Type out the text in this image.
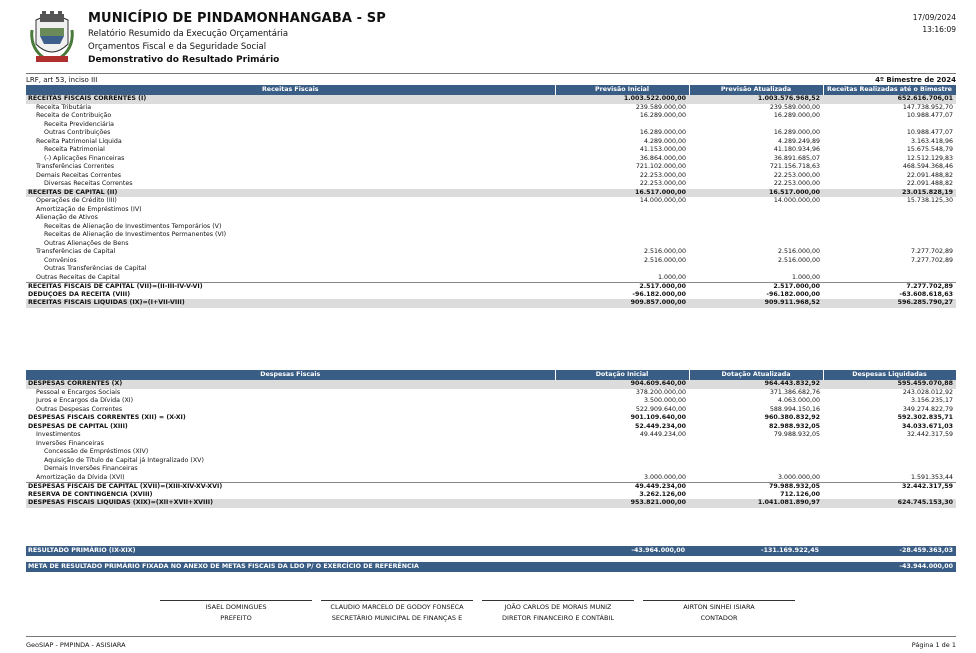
MUNICÍPIO DE PINDAMONHANGABA - SP
Relatório Resumido da Execução Orçamentária
Orçamentos Fiscal e da Seguridade Social
Demonstrativo do Resultado Primário
17/09/2024
13:16:09
LRF, art 53, inciso III	4º Bimestre de 2024
Receitas Fiscais	Previsão Inicial	Previsão Atualizada	Receitas Realizadas até o Bimestre
RECEITAS FISCAIS CORRENTES (I)	1.003.522.000,00	1.003.576.968,52	652.616.706,01
Receita Tributária	239.589.000,00	239.589.000,00	147.738.952,70
Receita de Contribuição	16.289.000,00	16.289.000,00	10.988.477,07
Receita Previdenciária			
Outras Contribuições	16.289.000,00	16.289.000,00	10.988.477,07
Receita Patrimonial Líquida	4.289.000,00	4.289.249,89	3.163.418,96
Receita Patrimonial	41.153.000,00	41.180.934,96	15.675.548,79
(-) Aplicações Financeiras	36.864.000,00	36.891.685,07	12.512.129,83
Transferências Correntes	721.102.000,00	721.156.718,63	468.594.368,46
Demais Receitas Correntes	22.253.000,00	22.253.000,00	22.091.488,82
Diversas Receitas Correntes	22.253.000,00	22.253.000,00	22.091.488,82
RECEITAS DE CAPITAL (II)	16.517.000,00	16.517.000,00	23.015.828,19
Operações de Crédito (III)	14.000.000,00	14.000.000,00	15.738.125,30
Amortização de Empréstimos (IV)			
Alienação de Ativos			
Receitas de Alienação de Investimentos Temporários (V)			
Receitas de Alienação de Investimentos Permanentes (VI)			
Outras Alienações de Bens			
Transferências de Capital	2.516.000,00	2.516.000,00	7.277.702,89
Convênios	2.516.000,00	2.516.000,00	7.277.702,89
Outras Transferências de Capital			
Outras Receitas de Capital	1.000,00	1.000,00	
RECEITAS FISCAIS DE CAPITAL (VII)=(II-III-IV-V-VI)	2.517.000,00	2.517.000,00	7.277.702,89
DEDUÇÕES DA RECEITA (VIII)	-96.182.000,00	-96.182.000,00	-63.608.618,63
RECEITAS FISCAIS LÍQUIDAS (IX)=(I+VII-VIII)	909.857.000,00	909.911.968,52	596.285.790,27
Despesas Fiscais	Dotação Inicial	Dotação Atualizada	Despesas Liquidadas
DESPESAS CORRENTES (X)	904.609.640,00	964.443.832,92	595.459.070,88
Pessoal e Encargos Sociais	378.200.000,00	371.386.682,76	243.028.012,92
Juros e Encargos da Dívida (XI)	3.500.000,00	4.063.000,00	3.156.235,17
Outras Despesas Correntes	522.909.640,00	588.994.150,16	349.274.822,79
DESPESAS FISCAIS CORRENTES (XII) = (X-XI)	901.109.640,00	960.380.832,92	592.302.835,71
DESPESAS DE CAPITAL (XIII)	52.449.234,00	82.988.932,05	34.033.671,03
Investimentos	49.449.234,00	79.988.932,05	32.442.317,59
Inversões Financeiras			
Concessão de Empréstimos (XIV)			
Aquisição de Título de Capital já Integralizado (XV)			
Demais Inversões Financeiras			
Amortização da Dívida (XVI)	3.000.000,00	3.000.000,00	1.591.353,44
DESPESAS FISCAIS DE CAPITAL (XVII)=(XIII-XIV-XV-XVI)	49.449.234,00	79.988.932,05	32.442.317,59
RESERVA DE CONTINGÊNCIA (XVIII)	3.262.126,00	712.126,00	
DESPESAS FISCAIS LÍQUIDAS (XIX)=(XII+XVII+XVIII)	953.821.000,00	1.041.081.890,97	624.745.153,30
RESULTADO PRIMÁRIO (IX-XIX)	-43.964.000,00	-131.169.922,45	-28.459.363,03
META DE RESULTADO PRIMÁRIO FIXADA NO ANEXO DE METAS FISCAIS DA LDO P/ O EXERCÍCIO DE REFERÊNCIA	-43.944.000,00
ISAEL DOMINGUES
PREFEITO
CLAUDIO MARCELO DE GODOY FONSECA
SECRETÁRIO MUNICIPAL DE FINANÇAS E
JOÃO CARLOS DE MORAIS MUNIZ
DIRETOR FINANCEIRO E CONTÁBIL
AIRTON SINHEI ISIARA
CONTADOR
GeoSIAP - PMPINDA - ASISIARA	Página 1 de 1
